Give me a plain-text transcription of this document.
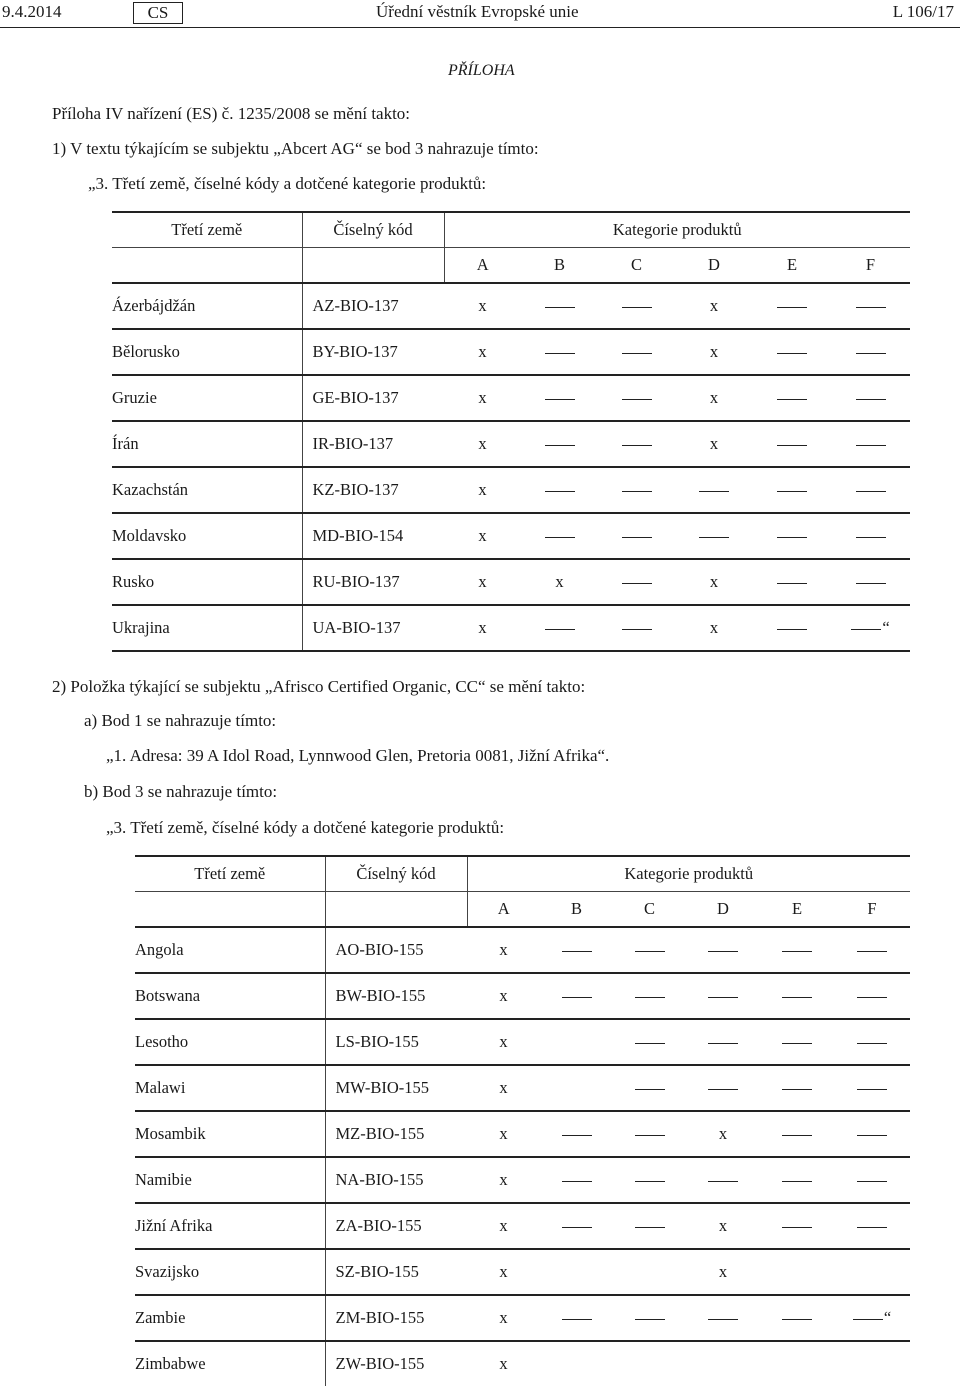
9.4.2014	CS	Úřední věstník Evropské unie	L 106/17
PŘÍLOHA
Příloha IV nařízení (ES) č. 1235/2008 se mění takto:
1) V textu týkajícím se subjektu „Abcert AG“ se bod 3 nahrazuje tímto:
„3. Třetí země, číselné kódy a dotčené kategorie produktů:
Třetí země	Číselný kód	Kategorie produktů					
		A	B	C	D	E	F
Ázerbájdžán	AZ-BIO-137	x			x		
Bělorusko	BY-BIO-137	x			x		
Gruzie	GE-BIO-137	x			x		
Írán	IR-BIO-137	x			x		
Kazachstán	KZ-BIO-137	x					
Moldavsko	MD-BIO-154	x					
Rusko	RU-BIO-137	x	x		x		
Ukrajina	UA-BIO-137	x			x		“
2) Položka týkající se subjektu „Afrisco Certified Organic, CC“ se mění takto:
a) Bod 1 se nahrazuje tímto:
„1. Adresa: 39 A Idol Road, Lynnwood Glen, Pretoria 0081, Jižní Afrika“.
b) Bod 3 se nahrazuje tímto:
„3. Třetí země, číselné kódy a dotčené kategorie produktů:
Třetí země	Číselný kód	Kategorie produktů					
		A	B	C	D	E	F
Angola	AO-BIO-155	x					
Botswana	BW-BIO-155	x					
Lesotho	LS-BIO-155	x					
Malawi	MW-BIO-155	x					
Mosambik	MZ-BIO-155	x			x		
Namibie	NA-BIO-155	x					
Jižní Afrika	ZA-BIO-155	x			x		
Svazijsko	SZ-BIO-155	x			x		
Zambie	ZM-BIO-155	x					“
Zimbabwe	ZW-BIO-155	x					
